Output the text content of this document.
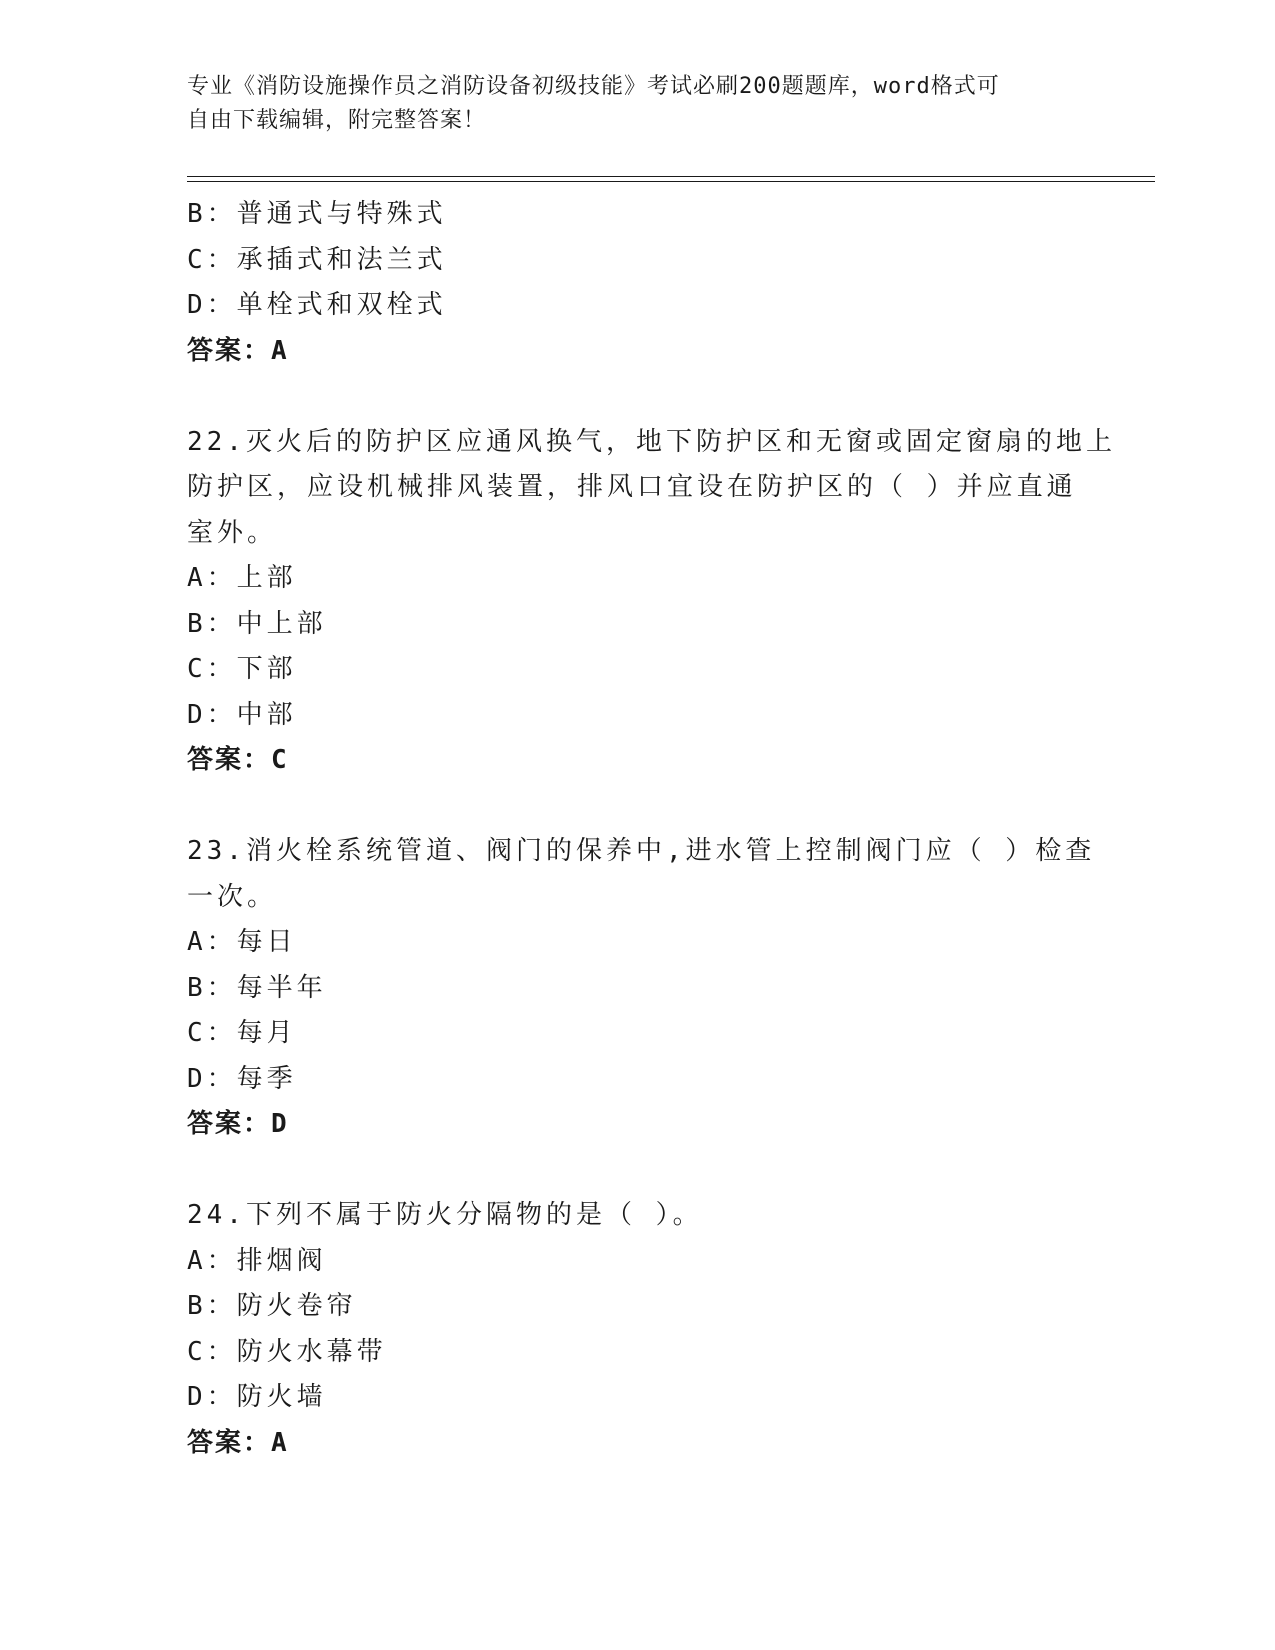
专业《消防设施操作员之消防设备初级技能》考试必刷200题题库，word格式可
自由下载编辑，附完整答案！
B：普通式与特殊式
C：承插式和法兰式
D：单栓式和双栓式
答案：A
22.灭火后的防护区应通风换气，地下防护区和无窗或固定窗扇的地上
防护区，应设机械排风装置，排风口宜设在防护区的（ ）并应直通
室外。
A：上部
B：中上部
C：下部
D：中部
答案：C
23.消火栓系统管道、阀门的保养中,进水管上控制阀门应（ ）检查
一次。
A：每日
B：每半年
C：每月
D：每季
答案：D
24.下列不属于防火分隔物的是（ ）。
A：排烟阀
B：防火卷帘
C：防火水幕带
D：防火墙
答案：A
